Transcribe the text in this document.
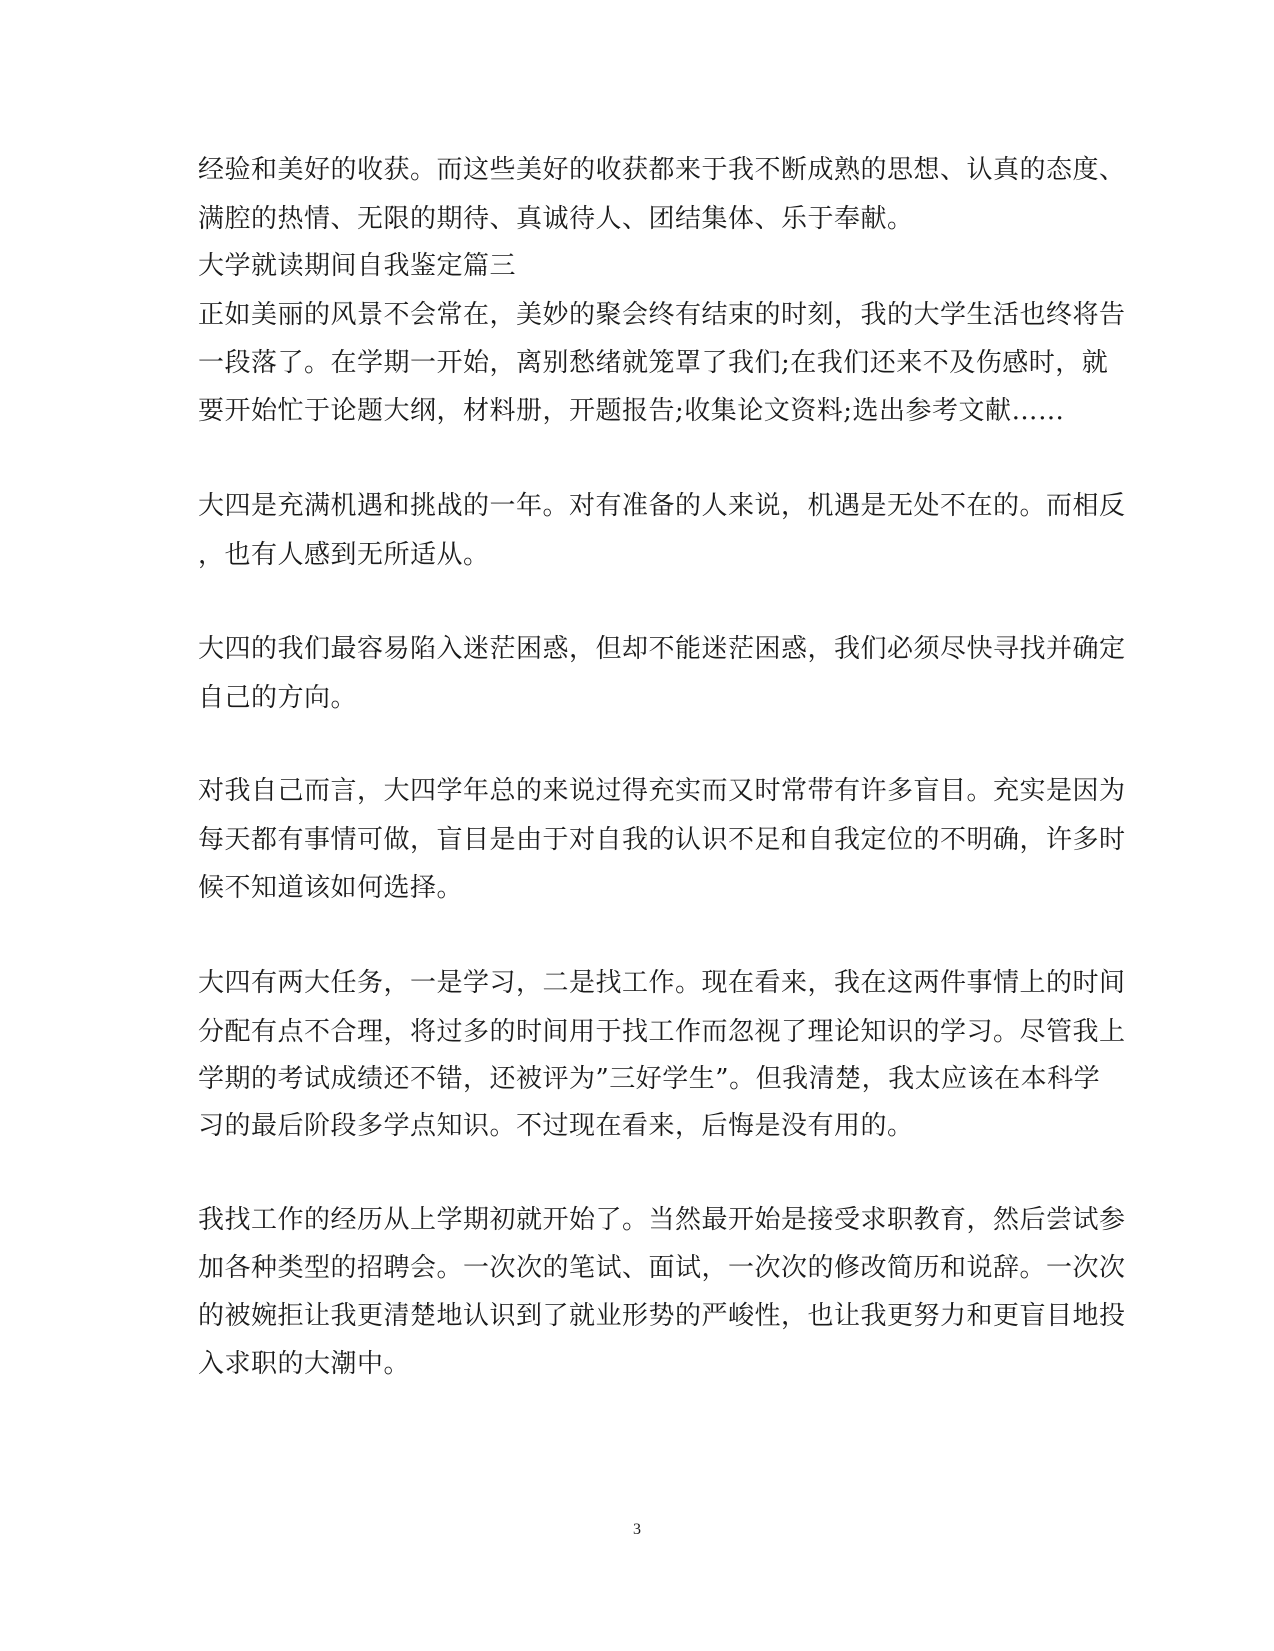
经验和美好的收获。而这些美好的收获都来于我不断成熟的思想、认真的态度、
满腔的热情、无限的期待、真诚待人、团结集体、乐于奉献。
大学就读期间自我鉴定篇三
正如美丽的风景不会常在，美妙的聚会终有结束的时刻，我的大学生活也终将告
一段落了。在学期一开始，离别愁绪就笼罩了我们;在我们还来不及伤感时，就
要开始忙于论题大纲，材料册，开题报告;收集论文资料;选出参考文献……
大四是充满机遇和挑战的一年。对有准备的人来说，机遇是无处不在的。而相反
，也有人感到无所适从。
大四的我们最容易陷入迷茫困惑，但却不能迷茫困惑，我们必须尽快寻找并确定
自己的方向。
对我自己而言，大四学年总的来说过得充实而又时常带有许多盲目。充实是因为
每天都有事情可做，盲目是由于对自我的认识不足和自我定位的不明确，许多时
候不知道该如何选择。
大四有两大任务，一是学习，二是找工作。现在看来，我在这两件事情上的时间
分配有点不合理，将过多的时间用于找工作而忽视了理论知识的学习。尽管我上
学期的考试成绩还不错，还被评为”三好学生”。但我清楚，我太应该在本科学
习的最后阶段多学点知识。不过现在看来，后悔是没有用的。
我找工作的经历从上学期初就开始了。当然最开始是接受求职教育，然后尝试参
加各种类型的招聘会。一次次的笔试、面试，一次次的修改简历和说辞。一次次
的被婉拒让我更清楚地认识到了就业形势的严峻性，也让我更努力和更盲目地投
入求职的大潮中。
3
